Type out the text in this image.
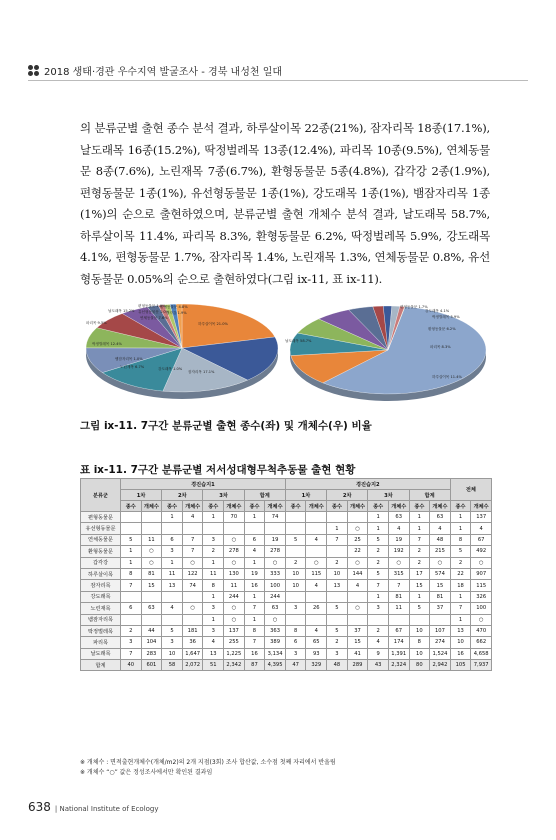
2018 생태·경관 우수지역 발굴조사 - 경북 내성천 일대
의 분류군별 출현 종수 분석 결과, 하루살이목 22종(21%), 잠자리목 18종(17.1%), 날도래목 16종(15.2%), 딱정벌레목 13종(12.4%), 파리목 10종(9.5%), 연체동물문 8종(7.6%), 노린재목 7종(6.7%), 환형동물문 5종(4.8%), 갑각강 2종(1.9%), 편형동물문 1종(1%), 유선형동물문 1종(1%), 강도래목 1종(1%), 뱀잠자리목 1종(1%)의 순으로 출현하였으며, 분류군별 출현 개체수 분석 결과, 날도래목 58.7%, 하루살이목 11.4%, 파리목 8.3%, 환형동물문 6.2%, 딱정벌레목 5.9%, 강도래목 4.1%, 편형동물문 1.7%, 잠자리목 1.4%, 노린재목 1.3%, 연체동물문 0.8%, 유선형동물문 0.05%의 순으로 출현하였다(그림 ⅸ-11, 표 ⅸ-11).
편형동물문 1.0%
유선형동물문 1.0%
연체동물문 7.6%
환형동물문 4.8%
갑각강 1.9%
하루살이목 21.0%
잠자리목 17.1%
강도래목 1.0%
노린재목 6.7%
뱀잠자리목 1.0%
딱정벌레목 12.4%
파리목 9.5%
날도래목 15.2%
날도래목 58.7%
하루살이목 11.4%
파리목 8.3%
환형동물문 6.2%
딱정벌레목 5.9%
강도래목 4.1%
편형동물문 1.7%
그림 ⅸ-11. 7구간 분류군별 출현 종수(좌) 및 개체수(우) 비율
표 ⅸ-11. 7구간 분류군별 저서성대형무척추동물 출현 현황
분류군	경진습지1								경진습지2								전체	
	1차		2차		3차		합계		1차		2차		3차		합계			
	종수	개체수	종수	개체수	종수	개체수	종수	개체수	종수	개체수	종수	개체수	종수	개체수	종수	개체수	종수	개체수
편형동물문			1	4	1	70	1	74					1	63	1	63	1	137
유선형동물문											1	○	1	4	1	4	1	4
연체동물문	5	11	6	7	3	○	6	19	5	4	7	25	5	19	7	48	8	67
환형동물문	1	○	3	7	2	278	4	278				22	2	192	2	215	5	492
갑각강	1	○	1	○	1	○	1	○	2	○	2	○	2	○	2	○	2	○
하루살이목	8	81	11	122	11	130	19	333	10	115	10	144	5	315	17	574	22	907
잠자리목	7	15	13	74	8	11	16	100	10	4	13	4	7	7	15	15	18	115
강도래목					1	244	1	244					1	81	1	81	1	326
노린재목	6	63	4	○	3	○	7	63	3	26	5	○	3	11	5	37	7	100
뱀잠자리목					1	○	1	○									1	○
딱정벌레목	2	44	5	181	3	137	8	363	8	4	5	37	2	67	10	107	13	470
파리목	3	104	3	36	4	255	7	389	6	65	2	15	4	174	8	274	10	662
날도래목	7	283	10	1,647	13	1,225	16	3,134	3	93	3	41	9	1,391	10	1,524	16	4,658
합계	40	601	58	2,072	51	2,342	87	4,395	47	329	48	289	43	2,324	80	2,942	105	7,937
※ 개체수 : 면적출현개체수(개체/m2)의 2개 지점(3회) 조사 합산값, 소수점 첫째 자리에서 반올림
※ 개체수 “○” 값은 정성조사에서만 확인된 결과임
638 | National Institute of Ecology
